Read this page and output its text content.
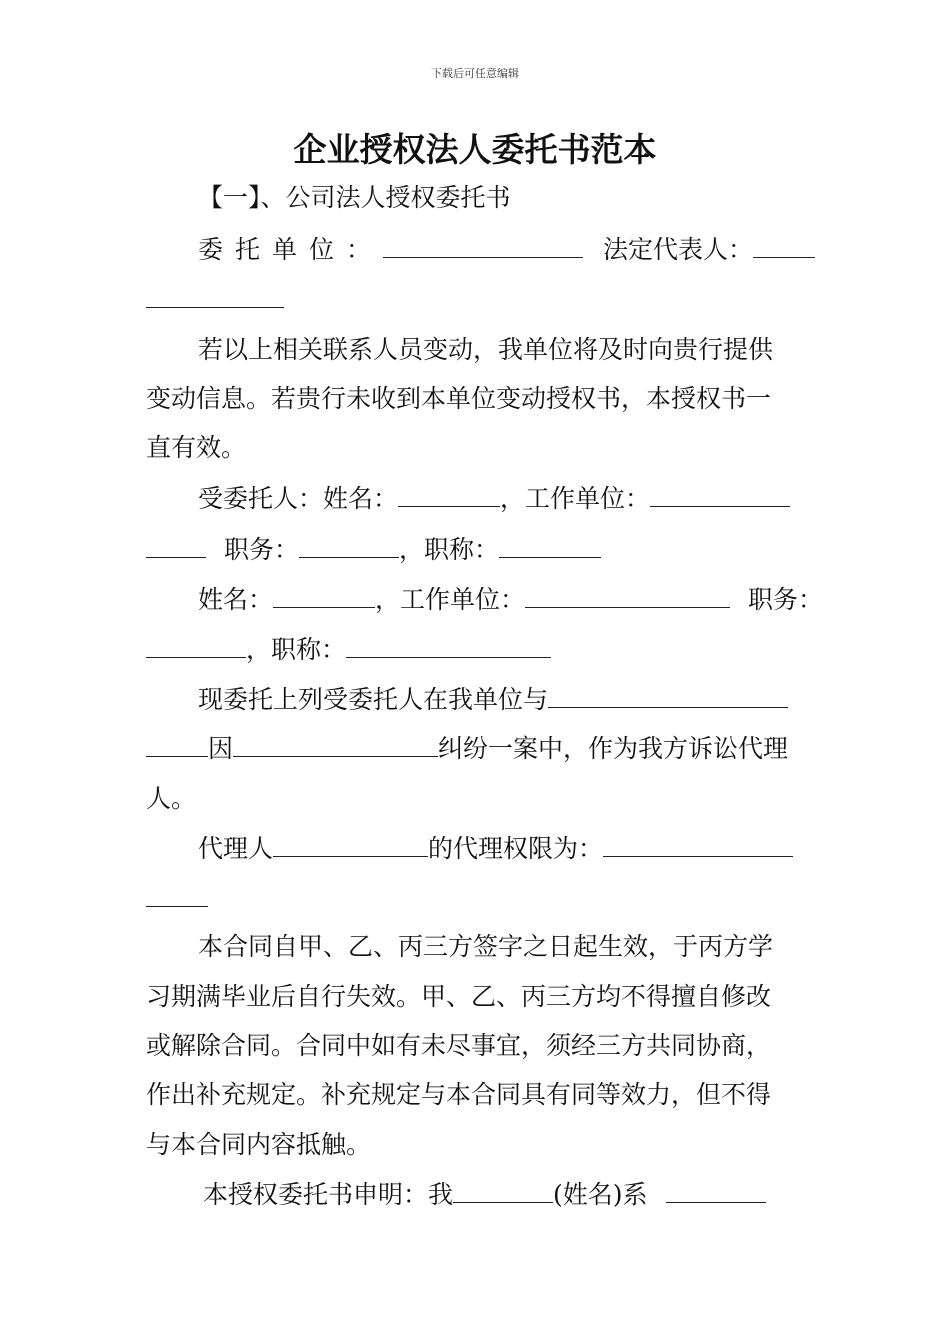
下载后可任意编辑
企业授权法人委托书范本
【一】、公司法人授权委托书
委托单位：	法定代表人：
若以上相关联系人员变动，我单位将及时向贵行提供
变动信息。若贵行未收到本单位变动授权书，本授权书一
直有效。
受委托人：姓名：	，工作单位：
职务：	，职称：
姓名：	，工作单位：	职务：
，职称：
现委托上列受委托人在我单位与
因	纠纷一案中，作为我方诉讼代理
人。
代理人	的代理权限为：
本合同自甲、乙、丙三方签字之日起生效，于丙方学
习期满毕业后自行失效。甲、乙、丙三方均不得擅自修改
或解除合同。合同中如有未尽事宜，须经三方共同协商，
作出补充规定。补充规定与本合同具有同等效力，但不得
与本合同内容抵触。
本授权委托书申明：我	(姓名)系
